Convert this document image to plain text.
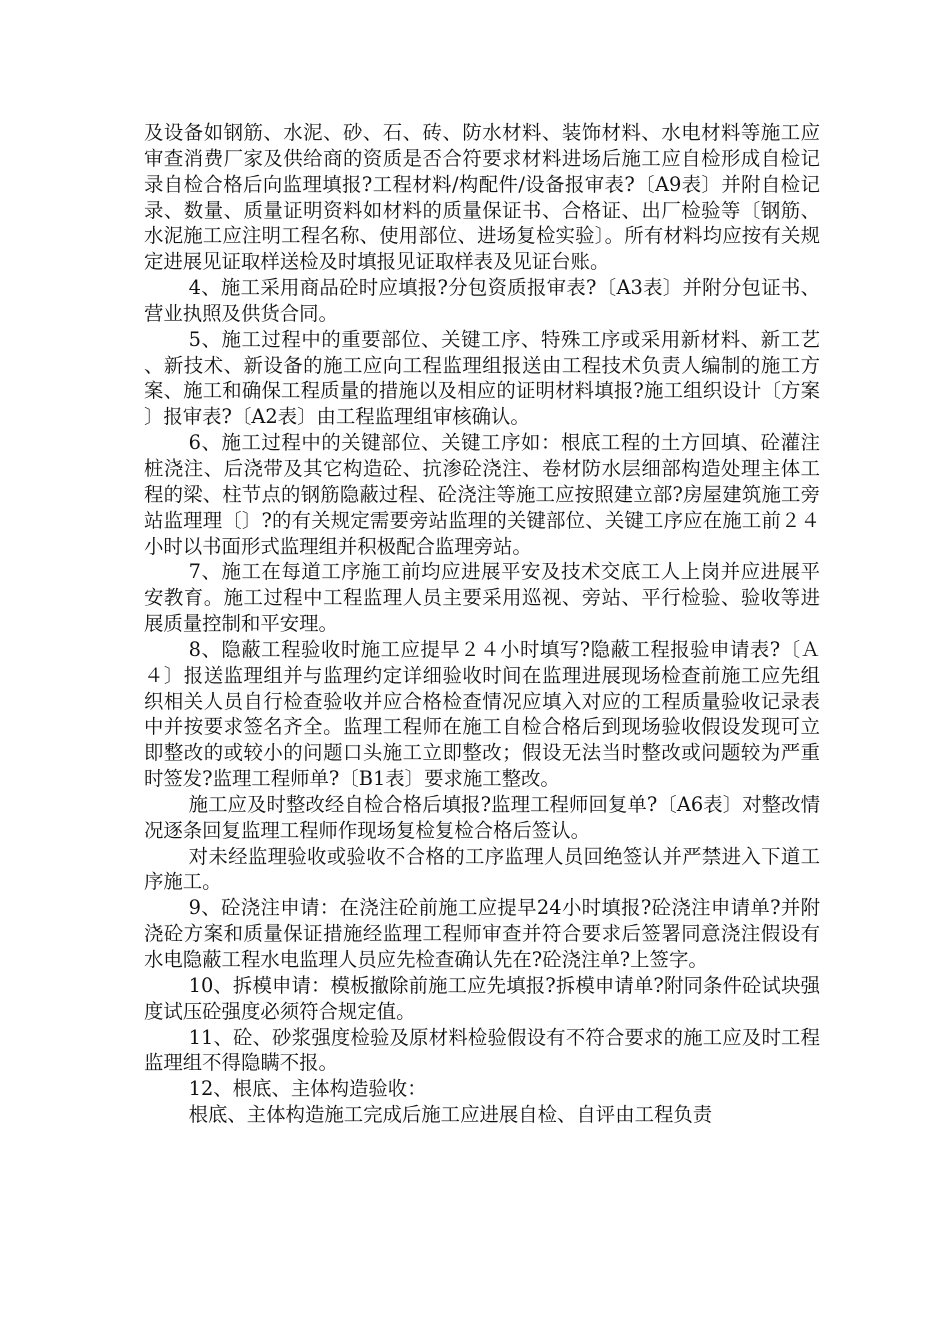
及设备如钢筋、水泥、砂、石、砖、防水材料、装饰材料、水电材料等施工应审查消费厂家及供给商的资质是否合符要求材料进场后施工应自检形成自检记录自检合格后向监理填报?工程材料/构配件/设备报审表?〔A9表〕并附自检记录、数量、质量证明资料如材料的质量保证书、合格证、出厂检验等〔钢筋、水泥施工应注明工程名称、使用部位、进场复检实验〕。所有材料均应按有关规定进展见证取样送检及时填报见证取样表及见证台账。

4、施工采用商品砼时应填报?分包资质报审表?〔A3表〕并附分包证书、营业执照及供货合同。

5、施工过程中的重要部位、关键工序、特殊工序或采用新材料、新工艺、新技术、新设备的施工应向工程监理组报送由工程技术负责人编制的施工方案、施工和确保工程质量的措施以及相应的证明材料填报?施工组织设计〔方案〕报审表?〔A2表〕由工程监理组审核确认。

6、施工过程中的关键部位、关键工序如：根底工程的土方回填、砼灌注桩浇注、后浇带及其它构造砼、抗渗砼浇注、卷材防水层细部构造处理主体工程的梁、柱节点的钢筋隐蔽过程、砼浇注等施工应按照建立部?房屋建筑施工旁站监理理〔〕?的有关规定需要旁站监理的关键部位、关键工序应在施工前２４小时以书面形式监理组并积极配合监理旁站。

7、施工在每道工序施工前均应进展平安及技术交底工人上岗并应进展平安教育。施工过程中工程监理人员主要采用巡视、旁站、平行检验、验收等进展质量控制和平安理。

8、隐蔽工程验收时施工应提早２４小时填写?隐蔽工程报验申请表?〔Ａ４〕报送监理组并与监理约定详细验收时间在监理进展现场检查前施工应先组织相关人员自行检查验收并应合格检查情况应填入对应的工程质量验收记录表中并按要求签名齐全。监理工程师在施工自检合格后到现场验收假设发现可立即整改的或较小的问题口头施工立即整改；假设无法当时整改或问题较为严重时签发?监理工程师单?〔B1表〕要求施工整改。

施工应及时整改经自检合格后填报?监理工程师回复单?〔A6表〕对整改情况逐条回复监理工程师作现场复检复检合格后签认。

对未经监理验收或验收不合格的工序监理人员回绝签认并严禁进入下道工序施工。

9、砼浇注申请：在浇注砼前施工应提早24小时填报?砼浇注申请单?并附浇砼方案和质量保证措施经监理工程师审查并符合要求后签署同意浇注假设有水电隐蔽工程水电监理人员应先检查确认先在?砼浇注单?上签字。

10、拆模申请：模板撤除前施工应先填报?拆模申请单?附同条件砼试块强度试压砼强度必须符合规定值。

11、砼、砂浆强度检验及原材料检验假设有不符合要求的施工应及时工程监理组不得隐瞒不报。

12、根底、主体构造验收：

根底、主体构造施工完成后施工应进展自检、自评由工程负责
